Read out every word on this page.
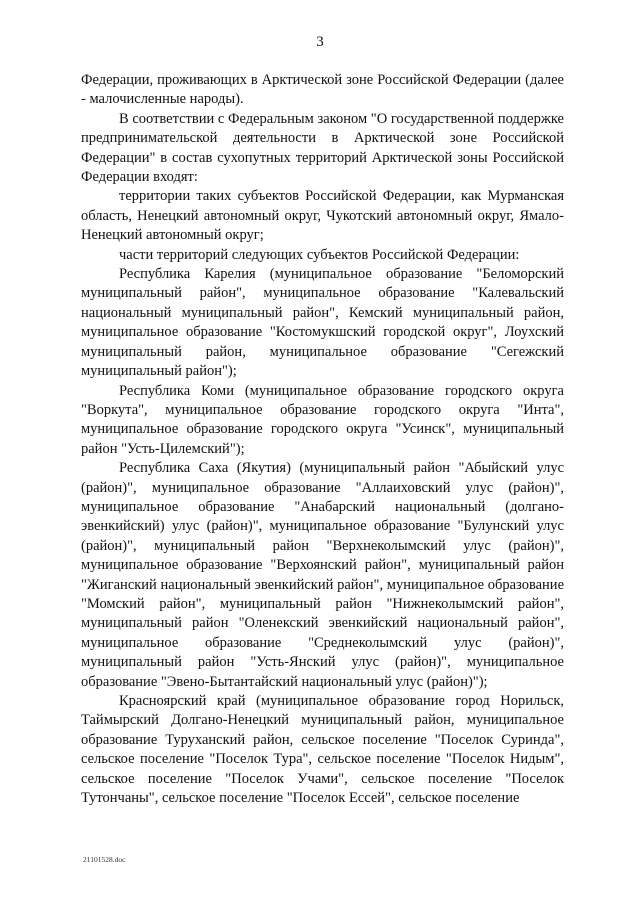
3

Федерации, проживающих в Арктической зоне Российской Федерации (далее - малочисленные народы).

В соответствии с Федеральным законом "О государственной поддержке предпринимательской деятельности в Арктической зоне Российской Федерации" в состав сухопутных территорий Арктической зоны Российской Федерации входят:

территории таких субъектов Российской Федерации, как Мурманская область, Ненецкий автономный округ, Чукотский автономный округ, Ямало-Ненецкий автономный округ;

части территорий следующих субъектов Российской Федерации:

Республика Карелия (муниципальное образование "Беломорский муниципальный район", муниципальное образование "Калевальский национальный муниципальный район", Кемский муниципальный район, муниципальное образование "Костомукшский городской округ", Лоухский муниципальный район, муниципальное образование "Сегежский муниципальный район");

Республика Коми (муниципальное образование городского округа "Воркута", муниципальное образование городского округа "Инта", муниципальное образование городского округа "Усинск", муниципальный район "Усть-Цилемский");

Республика Саха (Якутия) (муниципальный район "Абыйский улус (район)", муниципальное образование "Аллаиховский улус (район)", муниципальное образование "Анабарский национальный (долгано-эвенкийский) улус (район)", муниципальное образование "Булунский улус (район)", муниципальный район "Верхнеколымский улус (район)", муниципальное образование "Верхоянский район", муниципальный район "Жиганский национальный эвенкийский район", муниципальное образование "Момский район", муниципальный район "Нижнеколымский район", муниципальный район "Оленекский эвенкийский национальный район", муниципальное образование "Среднеколымский улус (район)", муниципальный район "Усть-Янский улус (район)", муниципальное образование "Эвено-Бытантайский национальный улус (район)");

Красноярский край (муниципальное образование город Норильск, Таймырский Долгано-Ненецкий муниципальный район, муниципальное образование Туруханский район, сельское поселение "Поселок Суринда", сельское поселение "Поселок Тура", сельское поселение "Поселок Нидым", сельское поселение "Поселок Учами", сельское поселение "Поселок Тутончаны", сельское поселение "Поселок Ессей", сельское поселение

21101528.doc
